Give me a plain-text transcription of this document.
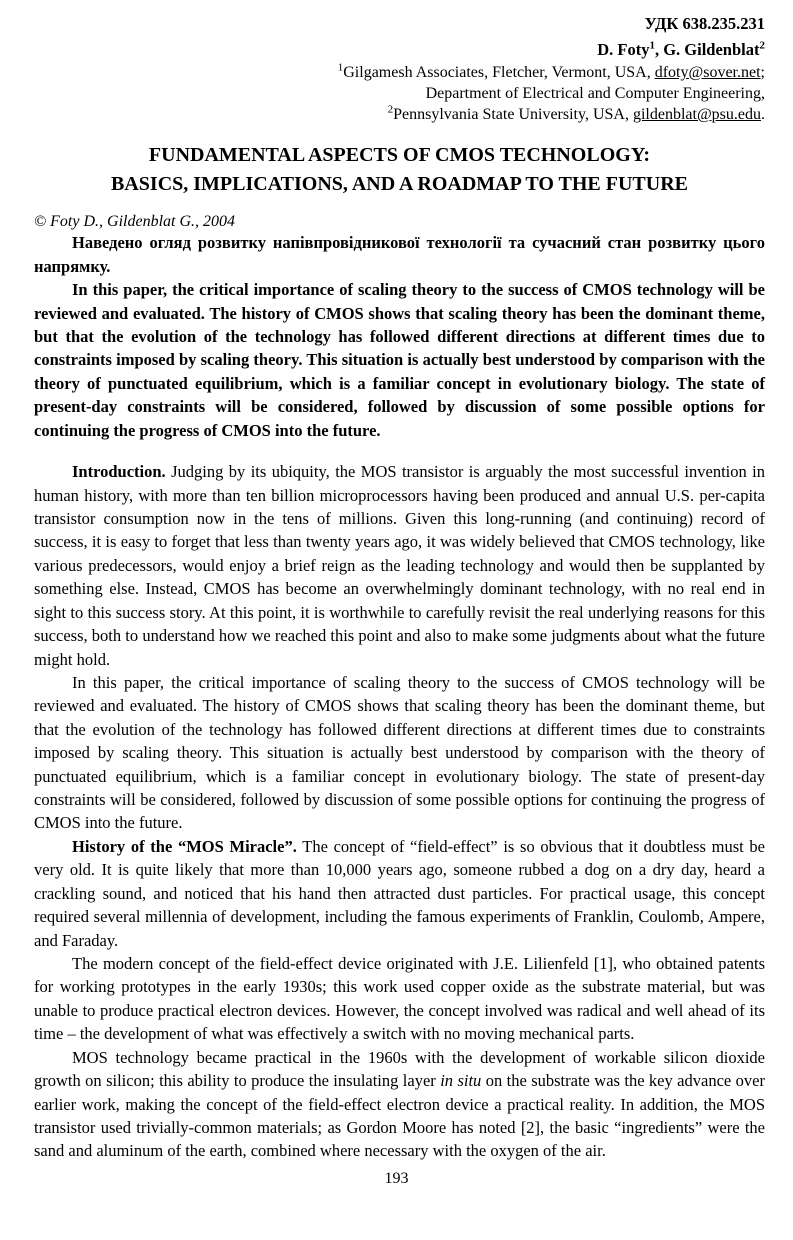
УДК 638.235.231
D. Foty$^1$, G. Gildenblat$^2$
$^1$Gilgamesh Associates, Fletcher, Vermont, USA, dfoty@sover.net;
Department of Electrical and Computer Engineering,
$^2$Pennsylvania State University, USA, gildenblat@psu.edu.
FUNDAMENTAL ASPECTS OF CMOS TECHNOLOGY:
BASICS, IMPLICATIONS, AND A ROADMAP TO THE FUTURE
© Foty D., Gildenblat G., 2004

Наведено огляд розвитку напівпровідникової технології та сучасний стан розвитку цього напрямку.

In this paper, the critical importance of scaling theory to the success of CMOS technology will be reviewed and evaluated. The history of CMOS shows that scaling theory has been the dominant theme, but that the evolution of the technology has followed different directions at different times due to constraints imposed by scaling theory. This situation is actually best understood by comparison with the theory of punctuated equilibrium, which is a familiar concept in evolutionary biology. The state of present-day constraints will be considered, followed by discussion of some possible options for continuing the progress of CMOS into the future.

Introduction. Judging by its ubiquity, the MOS transistor is arguably the most successful invention in human history, with more than ten billion microprocessors having been produced and annual U.S. per-capita transistor consumption now in the tens of millions. Given this long-running (and continuing) record of success, it is easy to forget that less than twenty years ago, it was widely believed that CMOS technology, like various predecessors, would enjoy a brief reign as the leading technology and would then be supplanted by something else. Instead, CMOS has become an overwhelmingly dominant technology, with no real end in sight to this success story. At this point, it is worthwhile to carefully revisit the real underlying reasons for this success, both to understand how we reached this point and also to make some judgments about what the future might hold.

In this paper, the critical importance of scaling theory to the success of CMOS technology will be reviewed and evaluated. The history of CMOS shows that scaling theory has been the dominant theme, but that the evolution of the technology has followed different directions at different times due to constraints imposed by scaling theory. This situation is actually best understood by comparison with the theory of punctuated equilibrium, which is a familiar concept in evolutionary biology. The state of present-day constraints will be considered, followed by discussion of some possible options for continuing the progress of CMOS into the future.

History of the “MOS Miracle”. The concept of “field-effect” is so obvious that it doubtless must be very old. It is quite likely that more than 10,000 years ago, someone rubbed a dog on a dry day, heard a crackling sound, and noticed that his hand then attracted dust particles. For practical usage, this concept required several millennia of development, including the famous experiments of Franklin, Coulomb, Ampere, and Faraday.

The modern concept of the field-effect device originated with J.E. Lilienfeld [1], who obtained patents for working prototypes in the early 1930s; this work used copper oxide as the substrate material, but was unable to produce practical electron devices. However, the concept involved was radical and well ahead of its time – the development of what was effectively a switch with no moving mechanical parts.

MOS technology became practical in the 1960s with the development of workable silicon dioxide growth on silicon; this ability to produce the insulating layer in situ on the substrate was the key advance over earlier work, making the concept of the field-effect electron device a practical reality. In addition, the MOS transistor used trivially-common materials; as Gordon Moore has noted [2], the basic “ingredients” were the sand and aluminum of the earth, combined where necessary with the oxygen of the air.

193
